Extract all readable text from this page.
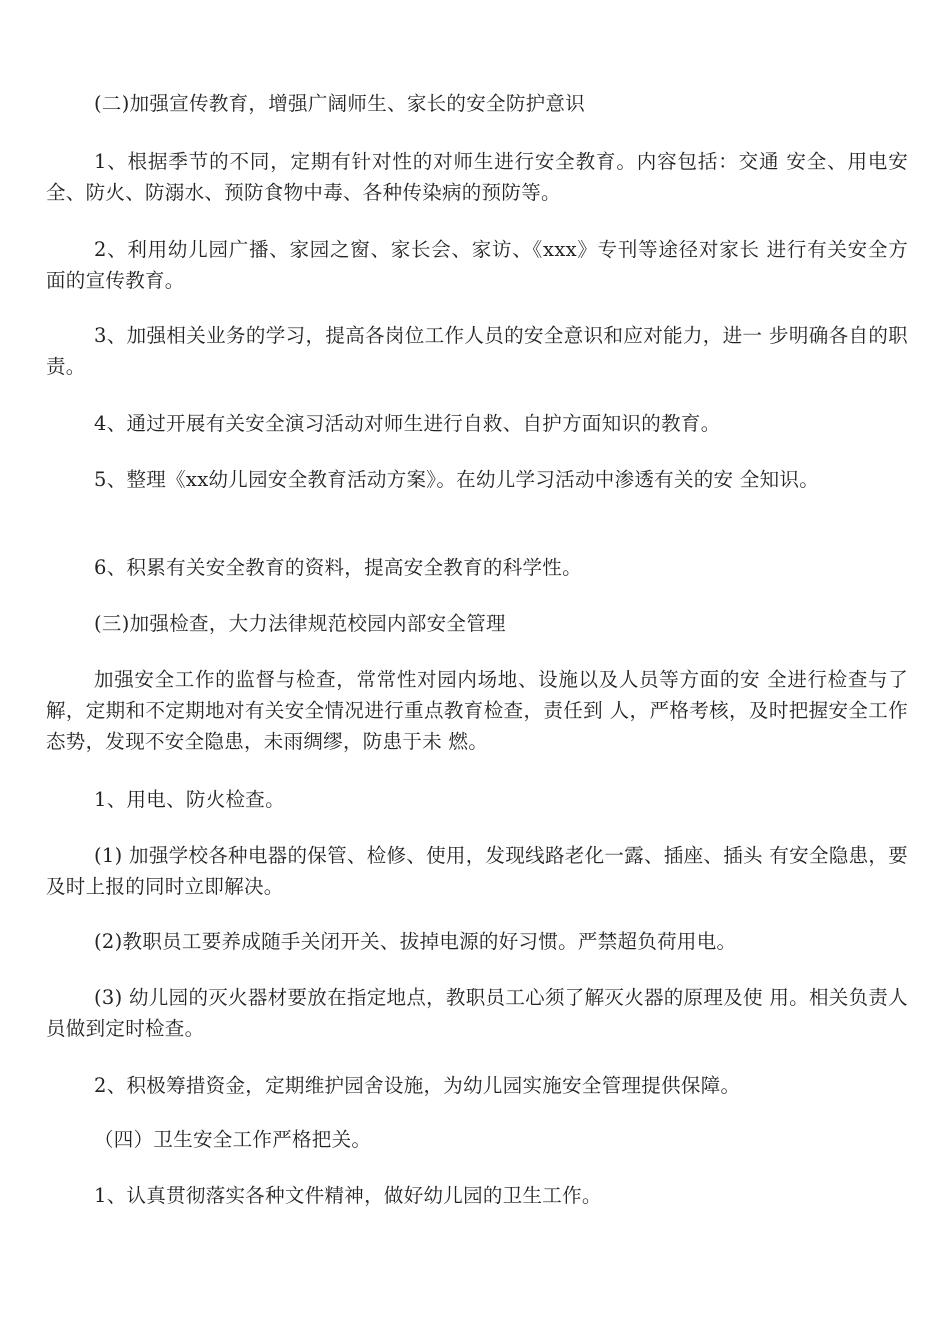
(二)加强宣传教育，增强广阔师生、家长的安全防护意识

1、根据季节的不同，定期有针对性的对师生进行安全教育。内容包括：交通 安全、用电安全、防火、防溺水、预防食物中毒、各种传染病的预防等。

2、利用幼儿园广播、家园之窗、家长会、家访、《xxx》专刊等途径对家长 进行有关安全方面的宣传教育。

3、加强相关业务的学习，提高各岗位工作人员的安全意识和应对能力，进一 步明确各自的职责。

4、通过开展有关安全演习活动对师生进行自救、自护方面知识的教育。

5、整理《xx幼儿园安全教育活动方案》。在幼儿学习活动中渗透有关的安 全知识。

6、积累有关安全教育的资料，提高安全教育的科学性。

(三)加强检查，大力法律规范校园内部安全管理

加强安全工作的监督与检查，常常性对园内场地、设施以及人员等方面的安 全进行检查与了解，定期和不定期地对有关安全情况进行重点教育检查，责任到 人，严格考核，及时把握安全工作态势，发现不安全隐患，未雨绸缪，防患于未 燃。

1、用电、防火检查。

(1) 加强学校各种电器的保管、检修、使用，发现线路老化一露、插座、插头 有安全隐患，要及时上报的同时立即解决。

(2)教职员工要养成随手关闭开关、拔掉电源的好习惯。严禁超负荷用电。

(3) 幼儿园的灭火器材要放在指定地点，教职员工心须了解灭火器的原理及使 用。相关负责人员做到定时检查。

2、积极筹措资金，定期维护园舍设施，为幼儿园实施安全管理提供保障。

（四）卫生安全工作严格把关。

1、认真贯彻落实各种文件精神，做好幼儿园的卫生工作。
